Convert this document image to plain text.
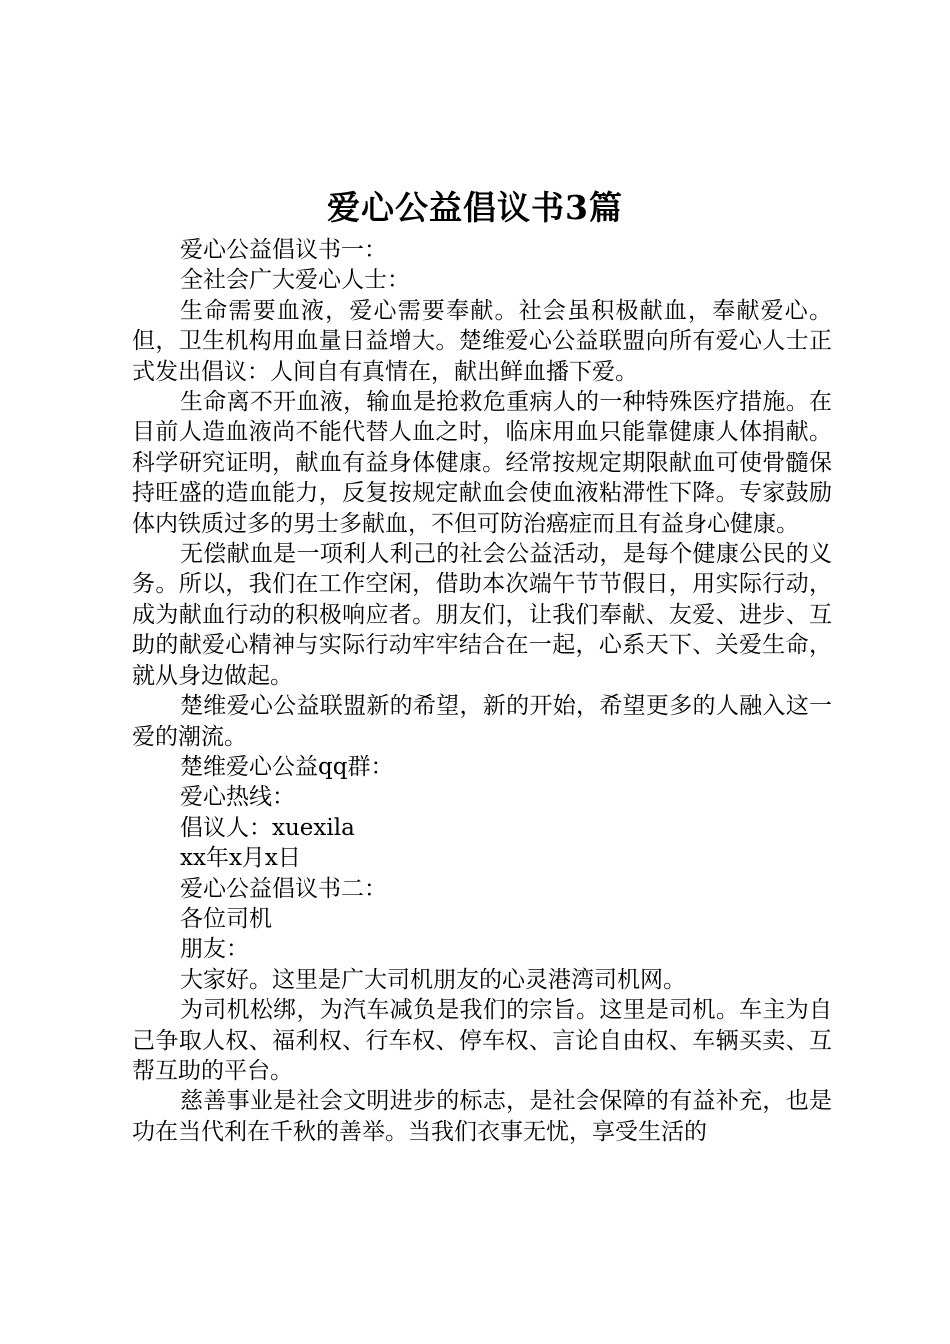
爱心公益倡议书3篇

爱心公益倡议书一：

全社会广大爱心人士：

生命需要血液，爱心需要奉献。社会虽积极献血，奉献爱心。但，卫生机构用血量日益增大。楚维爱心公益联盟向所有爱心人士正式发出倡议：人间自有真情在，献出鲜血播下爱。

生命离不开血液，输血是抢救危重病人的一种特殊医疗措施。在目前人造血液尚不能代替人血之时，临床用血只能靠健康人体捐献。科学研究证明，献血有益身体健康。经常按规定期限献血可使骨髓保持旺盛的造血能力，反复按规定献血会使血液粘滞性下降。专家鼓励体内铁质过多的男士多献血，不但可防治癌症而且有益身心健康。

无偿献血是一项利人利己的社会公益活动，是每个健康公民的义务。所以，我们在工作空闲，借助本次端午节节假日，用实际行动，成为献血行动的积极响应者。朋友们，让我们奉献、友爱、进步、互助的献爱心精神与实际行动牢牢结合在一起，心系天下、关爱生命，就从身边做起。

楚维爱心公益联盟新的希望，新的开始，希望更多的人融入这一爱的潮流。

楚维爱心公益qq群：

爱心热线：

倡议人：xuexila

xx年x月x日

爱心公益倡议书二：

各位司机

朋友：

大家好。这里是广大司机朋友的心灵港湾司机网。

为司机松绑，为汽车减负是我们的宗旨。这里是司机。车主为自己争取人权、福利权、行车权、停车权、言论自由权、车辆买卖、互帮互助的平台。

慈善事业是社会文明进步的标志，是社会保障的有益补充，也是功在当代利在千秋的善举。当我们衣事无忧，享受生活的
